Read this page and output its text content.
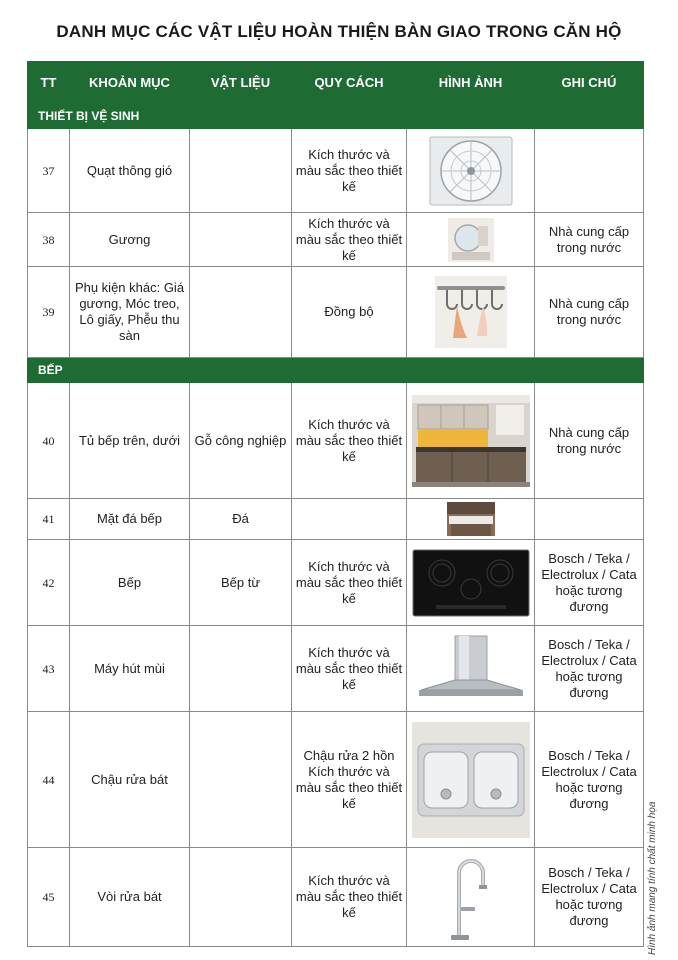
DANH MỤC CÁC VẬT LIỆU HOÀN THIỆN BÀN GIAO TRONG CĂN HỘ
TT	KHOẢN MỤC	VẬT LIỆU	QUY CÁCH	HÌNH ẢNH	GHI CHÚ
THIẾT BỊ VỆ SINH					
37	Quạt thông gió		Kích thước và màu sắc theo thiết kế	

38	Gương		Kích thước và màu sắc theo thiết kế		Nhà cung cấp trong nước
39	Phụ kiện khác: Giá gương, Móc treo, Lô giấy, Phễu thu sàn		Đồng bộ		Nhà cung cấp trong nước
BẾP					
40	Tủ bếp trên, dưới	Gỗ công nghiệp	Kích thước và màu sắc theo thiết kế		Nhà cung cấp trong nước
41	Mặt đá bếp	Đá		

42	Bếp	Bếp từ	Kích thước và màu sắc theo thiết kế		Bosch / Teka / Electrolux / Cata hoặc tương đương
43	Máy hút mùi		Kích thước và màu sắc theo thiết kế		Bosch / Teka / Electrolux / Cata hoặc tương đương
44	Chậu rửa bát		Chậu rửa 2 hồn Kích thước và màu sắc theo thiết kế		Bosch / Teka / Electrolux / Cata hoặc tương đương
45	Vòi rửa bát		Kích thước và màu sắc theo thiết kế		Bosch / Teka / Electrolux / Cata hoặc tương đương	Hình ảnh mang tính chất minh họa
